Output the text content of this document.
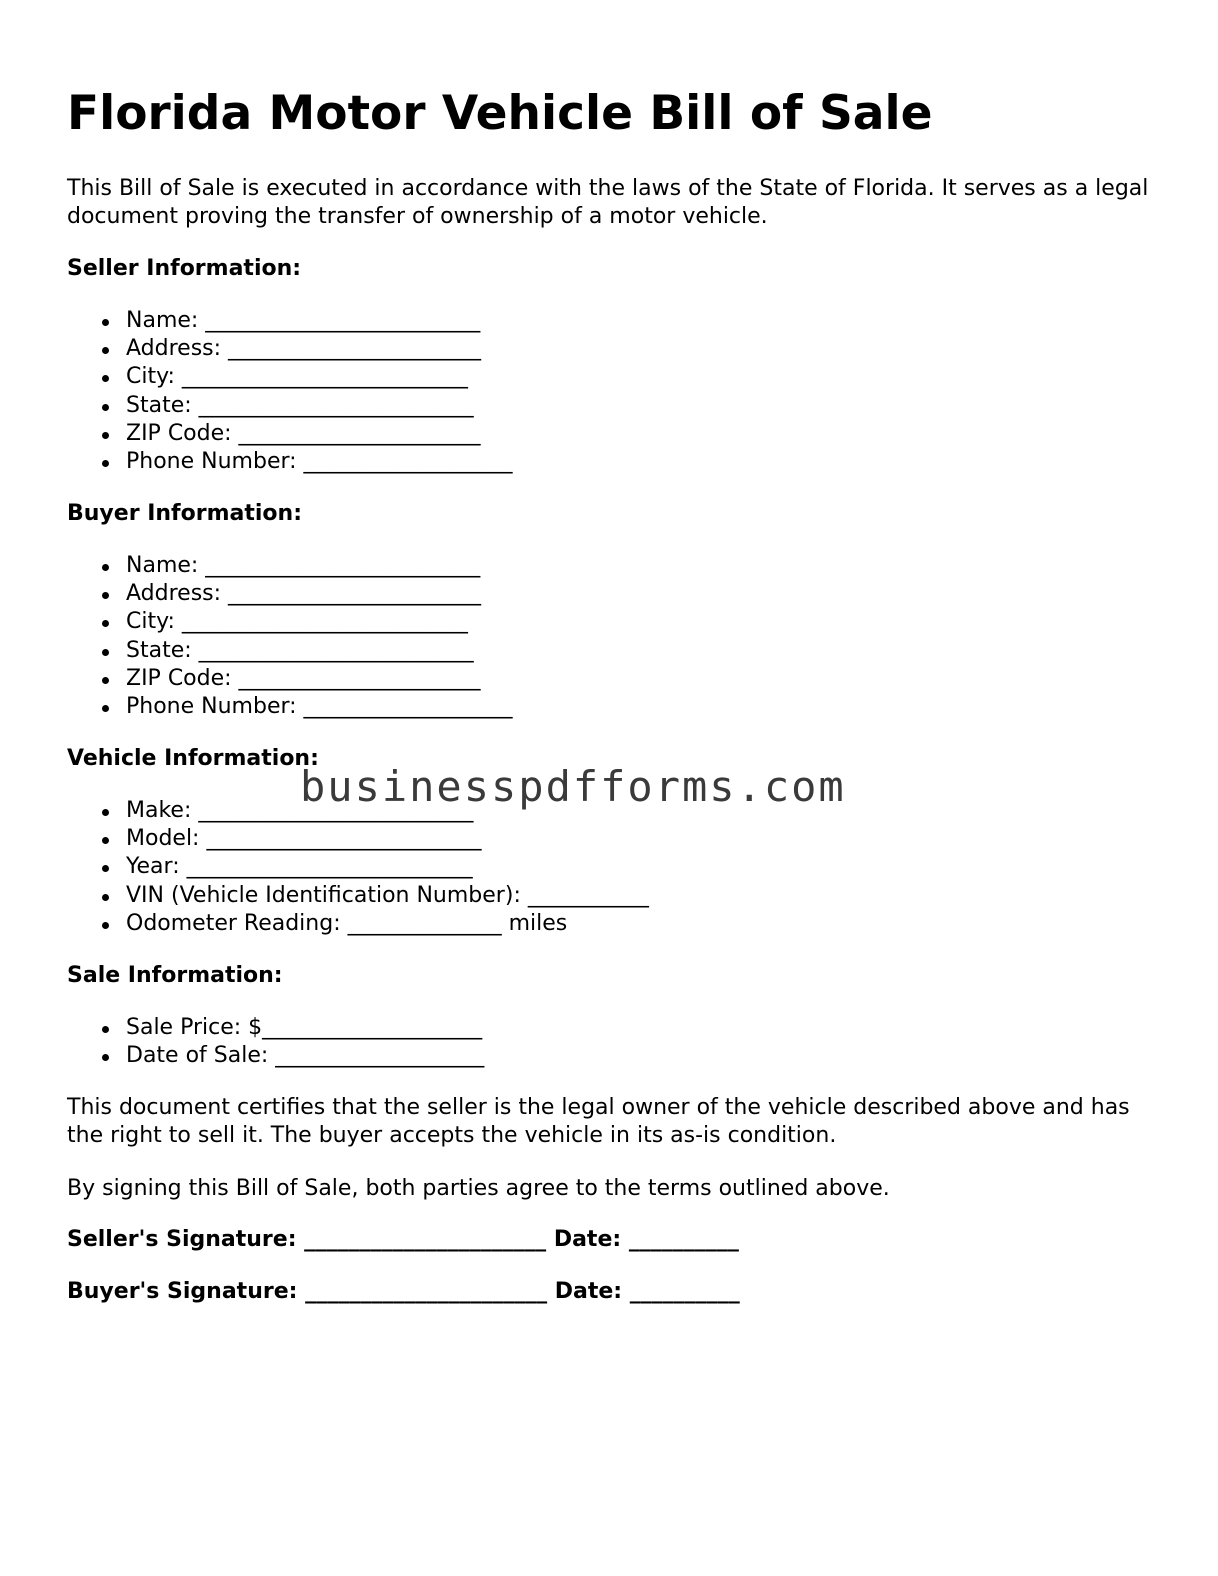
Florida Motor Vehicle Bill of Sale

This Bill of Sale is executed in accordance with the laws of the State of Florida. It serves as a legal document proving the transfer of ownership of a motor vehicle.

Seller Information:
Name: _________________________
Address: _______________________
City: __________________________
State: _________________________
ZIP Code: ______________________
Phone Number: ___________________
Buyer Information:
Name: _________________________
Address: _______________________
City: __________________________
State: _________________________
ZIP Code: ______________________
Phone Number: ___________________
Vehicle Information:
Make: _________________________
Model: _________________________
Year: __________________________
VIN (Vehicle Identification Number): ___________
Odometer Reading: ______________ miles
Sale Information:
Sale Price: $____________________
Date of Sale: ___________________

This document certifies that the seller is the legal owner of the vehicle described above and has the right to sell it. The buyer accepts the vehicle in its as-is condition.

By signing this Bill of Sale, both parties agree to the terms outlined above.

Seller's Signature: ______________________ Date: __________
Buyer's Signature: ______________________ Date: __________
businesspdfforms.com
